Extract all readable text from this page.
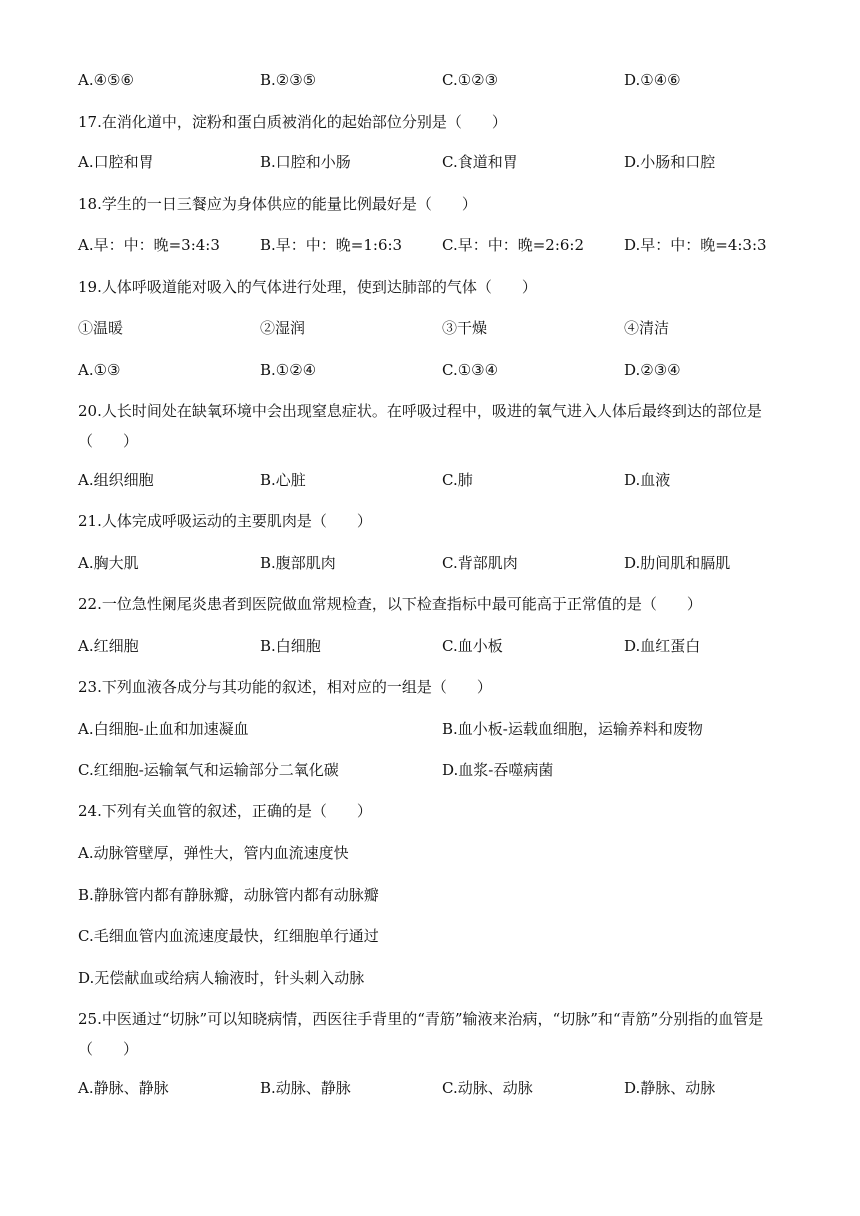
A.④⑤⑥	B.②③⑤	C.①②③	D.①④⑥
17.在消化道中，淀粉和蛋白质被消化的起始部位分别是（　　）
A.口腔和胃	B.口腔和小肠	C.食道和胃	D.小肠和口腔
18.学生的一日三餐应为身体供应的能量比例最好是（　　）
A.早：中：晚=3:4:3	B.早：中：晚=1:6:3	C.早：中：晚=2:6:2	D.早：中：晚=4:3:3
19.人体呼吸道能对吸入的气体进行处理，使到达肺部的气体（　　）
①温暖	②湿润	③干燥	④清洁
A.①③	B.①②④	C.①③④	D.②③④
20.人长时间处在缺氧环境中会出现窒息症状。在呼吸过程中，吸进的氧气进入人体后最终到达的部位是（　　）
A.组织细胞	B.心脏	C.肺	D.血液
21.人体完成呼吸运动的主要肌肉是（　　）
A.胸大肌	B.腹部肌肉	C.背部肌肉	D.肋间肌和膈肌
22.一位急性阑尾炎患者到医院做血常规检查，以下检查指标中最可能高于正常值的是（　　）
A.红细胞	B.白细胞	C.血小板	D.血红蛋白
23.下列血液各成分与其功能的叙述，相对应的一组是（　　）
A.白细胞-止血和加速凝血	B.血小板-运载血细胞，运输养料和废物
C.红细胞-运输氧气和运输部分二氧化碳	D.血浆-吞噬病菌
24.下列有关血管的叙述，正确的是（　　）
A.动脉管壁厚，弹性大，管内血流速度快
B.静脉管内都有静脉瓣，动脉管内都有动脉瓣
C.毛细血管内血流速度最快，红细胞单行通过
D.无偿献血或给病人输液时，针头刺入动脉
25.中医通过“切脉”可以知晓病情，西医往手背里的“青筋”输液来治病，“切脉”和“青筋”分别指的血管是（　　）
A.静脉、静脉	B.动脉、静脉	C.动脉、动脉	D.静脉、动脉
